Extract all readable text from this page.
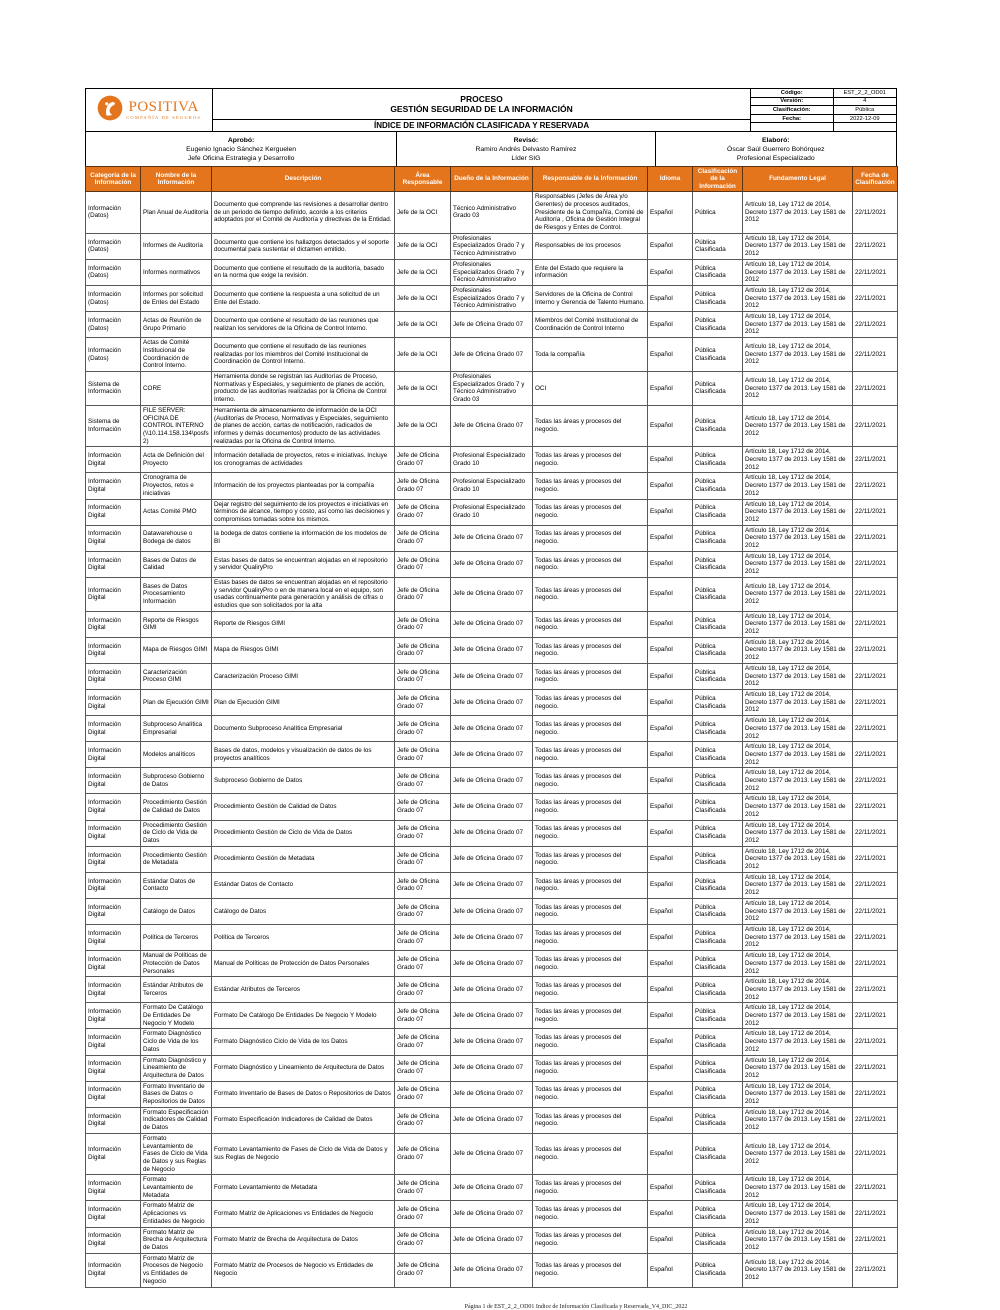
POSITIVA
COMPAÑÍA DE SEGUROS
PROCESO
GESTIÓN SEGURIDAD DE LA INFORMACIÓN
ÍNDICE DE INFORMACIÓN CLASIFICADA Y RESERVADA
Código:	EST_2_2_OD01
Versión:	4
Clasificación:	Pública
Fecha:	2022-12-09
Aprobó:
Eugenio Ignacio Sánchez Kerguelen
Jefe Oficina Estrategia y Desarrollo
Revisó:
Ramiro Andrés Delvasto Ramírez
Líder SIG
Elaboró:
Óscar Saúl Guerrero Bohórquez
Profesional Especializado
Categoría de la Información	Nombre de la Información	Descripción	Área Responsable	Dueño de la Información	Responsable de la Información	Idioma	Clasificación de la Información	Fundamento Legal	Fecha de Clasificación
Información (Datos)	Plan Anual de Auditoría	Documento que comprende las revisiones a desarrollar dentro de un periodo de tiempo definido, acorde a los criterios adoptados por el Comité de Auditoría y directivas de la Entidad.	Jefe de la OCI	Técnico Administrativo Grado 03	Responsables (Jefes de Área y/o Gerentes) de procesos auditados, Presidente de la Compañía, Comité de Auditoría , Oficina de Gestión Integral de Riesgos y Entes de Control.	Español	Pública	Artículo 18, Ley 1712 de 2014, Decreto 1377 de 2013. Ley 1581 de 2012	22/11/2021
Información (Datos)	Informes de Auditoría	Documento que contiene los hallazgos detectados y el soporte documental para sustentar el dictamen emitido.	Jefe de la OCI	Profesionales Especializados Grado 7 y Técnico Administrativo	Responsables de los procesos	Español	Pública Clasificada	Artículo 18, Ley 1712 de 2014, Decreto 1377 de 2013. Ley 1581 de 2012	22/11/2021
Información (Datos)	Informes normativos	Documento que contiene el resultado de la auditoría, basado en la norma que exige la revisión.	Jefe de la OCI	Profesionales Especializados Grado 7 y Técnico Administrativo	Ente del Estado que requiere la información	Español	Pública Clasificada	Artículo 18, Ley 1712 de 2014, Decreto 1377 de 2013. Ley 1581 de 2012	22/11/2021
Información (Datos)	Informes por solicitud de Entes del Estado	Documento que contiene la respuesta a una solicitud de un Ente del Estado.	Jefe de la OCI	Profesionales Especializados Grado 7 y Técnico Administrativo	Servidores de la Oficina de Control Interno y Gerencia de Talento Humano.	Español	Pública Clasificada	Artículo 18, Ley 1712 de 2014, Decreto 1377 de 2013. Ley 1581 de 2012	22/11/2021
Información (Datos)	Actas de Reunión de Grupo Primario	Documento que contiene el resultado de las reuniones que realizan los servidores de la Oficina de Control Interno.	Jefe de la OCI	Jefe de Oficina Grado 07	Miembros del Comité Institucional de Coordinación de Control Interno	Español	Pública Clasificada	Artículo 18, Ley 1712 de 2014, Decreto 1377 de 2013. Ley 1581 de 2012	22/11/2021
Información (Datos)	Actas de Comité Institucional de Coordinación de Control Interno.	Documento que contiene el resultado de las reuniones realizadas por los miembros del Comité Institucional de Coordinación de Control Interno.	Jefe de la OCI	Jefe de Oficina Grado 07	Toda la compañía	Español	Pública Clasificada	Artículo 18, Ley 1712 de 2014, Decreto 1377 de 2013. Ley 1581 de 2012	22/11/2021
Sistema de Información	CORE	Herramienta donde se registran las Auditorías de Proceso, Normativas y Especiales, y seguimiento de planes de acción, producto de las auditorías realizadas por la Oficina de Control Interno.	Jefe de la OCI	Profesionales Especializados Grado 7 y Técnico Administrativo Grado 03	OCI	Español	Pública Clasificada	Artículo 18, Ley 1712 de 2014, Decreto 1377 de 2013. Ley 1581 de 2012	22/11/2021
Sistema de Información	FILE SERVER: OFICINA DE CONTROL INTERNO (\\10.114.158.134\posfs2)	Herramienta de almacenamiento de información de la OCI (Auditorías de Proceso, Normativas y Especiales, seguimiento de planes de acción, cartas de notificación, radicados de informes y demás documentos) producto de las actividades realizadas por la Oficina de Control Interno.	Jefe de la OCI	Jefe de Oficina Grado 07	Todas las áreas y procesos del negocio.	Español	Pública Clasificada	Artículo 18, Ley 1712 de 2014, Decreto 1377 de 2013. Ley 1581 de 2012	22/11/2021
Información Digital	Acta de Definición del Proyecto	Información detallada de proyectos, retos e iniciativas. Incluye los cronogramas de actividades	Jefe de Oficina Grado 07	Profesional Especializado Grado 10	Todas las áreas y procesos del negocio.	Español	Pública Clasificada	Artículo 18, Ley 1712 de 2014, Decreto 1377 de 2013. Ley 1581 de 2012	22/11/2021
Información Digital	Cronograma de Proyectos, retos e iniciativas	Información de los proyectos planteadas por la compañía	Jefe de Oficina Grado 07	Profesional Especializado Grado 10	Todas las áreas y procesos del negocio.	Español	Pública Clasificada	Artículo 18, Ley 1712 de 2014, Decreto 1377 de 2013. Ley 1581 de 2012	22/11/2021
Información Digital	Actas Comité PMO	Dejar registro del seguimiento de los proyectos e iniciativas en términos de alcance, tiempo y costo, así como las decisiones y compromisos tomadas sobre los mismos.	Jefe de Oficina Grado 07	Profesional Especializado Grado 10	Todas las áreas y procesos del negocio.	Español	Pública Clasificada	Artículo 18, Ley 1712 de 2014, Decreto 1377 de 2013. Ley 1581 de 2012	22/11/2021
Información Digital	Datawarehouse o Bodega de datos	la bodega de datos contiene la información de los modelos de BI	Jefe de Oficina Grado 07	Jefe de Oficina Grado 07	Todas las áreas y procesos del negocio.	Español	Pública Clasificada	Artículo 18, Ley 1712 de 2014, Decreto 1377 de 2013. Ley 1581 de 2012	22/11/2021
Información Digital	Bases de Datos de Calidad	Estas bases de datos se encuentran alojadas en el repositorio y servidor QualiryPro	Jefe de Oficina Grado 07	Jefe de Oficina Grado 07	Todas las áreas y procesos del negocio.	Español	Pública Clasificada	Artículo 18, Ley 1712 de 2014, Decreto 1377 de 2013. Ley 1581 de 2012	22/11/2021
Información Digital	Bases de Datos Procesamiento Información	Estas bases de datos se encuentran alojadas en el repositorio y servidor QualiryPro o en de manera local en el equipo, son usadas continuamente para generación y análisis de cifras o estudios que son solicitados por la alta	Jefe de Oficina Grado 07	Jefe de Oficina Grado 07	Todas las áreas y procesos del negocio.	Español	Pública Clasificada	Artículo 18, Ley 1712 de 2014, Decreto 1377 de 2013. Ley 1581 de 2012	22/11/2021
Información Digital	Reporte de Riesgos GIMI	Reporte de Riesgos GIMI	Jefe de Oficina Grado 07	Jefe de Oficina Grado 07	Todas las áreas y procesos del negocio.	Español	Pública Clasificada	Artículo 18, Ley 1712 de 2014, Decreto 1377 de 2013. Ley 1581 de 2012	22/11/2021
Información Digital	Mapa de Riesgos GIMI	Mapa de Riesgos GIMI	Jefe de Oficina Grado 07	Jefe de Oficina Grado 07	Todas las áreas y procesos del negocio.	Español	Pública Clasificada	Artículo 18, Ley 1712 de 2014, Decreto 1377 de 2013. Ley 1581 de 2012	22/11/2021
Información Digital	Caracterización Proceso GIMI	Caracterización Proceso GIMI	Jefe de Oficina Grado 07	Jefe de Oficina Grado 07	Todas las áreas y procesos del negocio.	Español	Pública Clasificada	Artículo 18, Ley 1712 de 2014, Decreto 1377 de 2013. Ley 1581 de 2012	22/11/2021
Información Digital	Plan de Ejecución GIMI	Plan de Ejecución GIMI	Jefe de Oficina Grado 07	Jefe de Oficina Grado 07	Todas las áreas y procesos del negocio.	Español	Pública Clasificada	Artículo 18, Ley 1712 de 2014, Decreto 1377 de 2013. Ley 1581 de 2012	22/11/2021
Información Digital	Subproceso Analítica Empresarial	Documento Subproceso Analítica Empresarial	Jefe de Oficina Grado 07	Jefe de Oficina Grado 07	Todas las áreas y procesos del negocio.	Español	Pública Clasificada	Artículo 18, Ley 1712 de 2014, Decreto 1377 de 2013. Ley 1581 de 2012	22/11/2021
Información Digital	Modelos analíticos	Bases de datos, modelos y visualización de datos de los proyectos analíticos	Jefe de Oficina Grado 07	Jefe de Oficina Grado 07	Todas las áreas y procesos del negocio.	Español	Pública Clasificada	Artículo 18, Ley 1712 de 2014, Decreto 1377 de 2013. Ley 1581 de 2012	22/11/2021
Información Digital	Subproceso Gobierno de Datos	Subproceso Gobierno de Datos	Jefe de Oficina Grado 07	Jefe de Oficina Grado 07	Todas las áreas y procesos del negocio.	Español	Pública Clasificada	Artículo 18, Ley 1712 de 2014, Decreto 1377 de 2013. Ley 1581 de 2012	22/11/2021
Información Digital	Procedimiento Gestión de Calidad de Datos	Procedimiento Gestión de Calidad de Datos	Jefe de Oficina Grado 07	Jefe de Oficina Grado 07	Todas las áreas y procesos del negocio.	Español	Pública Clasificada	Artículo 18, Ley 1712 de 2014, Decreto 1377 de 2013. Ley 1581 de 2012	22/11/2021
Información Digital	Procedimiento Gestión de Ciclo de Vida de Datos	Procedimiento Gestión de Ciclo de Vida de Datos	Jefe de Oficina Grado 07	Jefe de Oficina Grado 07	Todas las áreas y procesos del negocio.	Español	Pública Clasificada	Artículo 18, Ley 1712 de 2014, Decreto 1377 de 2013. Ley 1581 de 2012	22/11/2021
Información Digital	Procedimiento Gestión de Metadata	Procedimiento Gestión de Metadata	Jefe de Oficina Grado 07	Jefe de Oficina Grado 07	Todas las áreas y procesos del negocio.	Español	Pública Clasificada	Artículo 18, Ley 1712 de 2014, Decreto 1377 de 2013. Ley 1581 de 2012	22/11/2021
Información Digital	Estándar Datos de Contacto	Estándar Datos de Contacto	Jefe de Oficina Grado 07	Jefe de Oficina Grado 07	Todas las áreas y procesos del negocio.	Español	Pública Clasificada	Artículo 18, Ley 1712 de 2014, Decreto 1377 de 2013. Ley 1581 de 2012	22/11/2021
Información Digital	Catálogo de Datos	Catálogo de Datos	Jefe de Oficina Grado 07	Jefe de Oficina Grado 07	Todas las áreas y procesos del negocio.	Español	Pública Clasificada	Artículo 18, Ley 1712 de 2014, Decreto 1377 de 2013. Ley 1581 de 2012	22/11/2021
Información Digital	Política de Terceros	Política de Terceros	Jefe de Oficina Grado 07	Jefe de Oficina Grado 07	Todas las áreas y procesos del negocio.	Español	Pública Clasificada	Artículo 18, Ley 1712 de 2014, Decreto 1377 de 2013. Ley 1581 de 2012	22/11/2021
Información Digital	Manual de Políticas de Protección de Datos Personales	Manual de Políticas de Protección de Datos Personales	Jefe de Oficina Grado 07	Jefe de Oficina Grado 07	Todas las áreas y procesos del negocio.	Español	Pública Clasificada	Artículo 18, Ley 1712 de 2014, Decreto 1377 de 2013. Ley 1581 de 2012	22/11/2021
Información Digital	Estándar Atributos de Terceros	Estándar Atributos de Terceros	Jefe de Oficina Grado 07	Jefe de Oficina Grado 07	Todas las áreas y procesos del negocio.	Español	Pública Clasificada	Artículo 18, Ley 1712 de 2014, Decreto 1377 de 2013. Ley 1581 de 2012	22/11/2021
Información Digital	Formato De Catálogo De Entidades De Negocio Y Modelo	Formato De Catálogo De Entidades De Negocio Y Modelo	Jefe de Oficina Grado 07	Jefe de Oficina Grado 07	Todas las áreas y procesos del negocio.	Español	Pública Clasificada	Artículo 18, Ley 1712 de 2014, Decreto 1377 de 2013. Ley 1581 de 2012	22/11/2021
Información Digital	Formato Diagnóstico Ciclo de Vida de los Datos	Formato Diagnóstico Ciclo de Vida de los Datos	Jefe de Oficina Grado 07	Jefe de Oficina Grado 07	Todas las áreas y procesos del negocio.	Español	Pública Clasificada	Artículo 18, Ley 1712 de 2014, Decreto 1377 de 2013. Ley 1581 de 2012	22/11/2021
Información Digital	Formato Diagnóstico y Lineamiento de Arquitectura de Datos	Formato Diagnóstico y Lineamiento de Arquitectura de Datos	Jefe de Oficina Grado 07	Jefe de Oficina Grado 07	Todas las áreas y procesos del negocio.	Español	Pública Clasificada	Artículo 18, Ley 1712 de 2014, Decreto 1377 de 2013. Ley 1581 de 2012	22/11/2021
Información Digital	Formato Inventario de Bases de Datos o Repositorios de Datos	Formato Inventario de Bases de Datos o Repositorios de Datos	Jefe de Oficina Grado 07	Jefe de Oficina Grado 07	Todas las áreas y procesos del negocio.	Español	Pública Clasificada	Artículo 18, Ley 1712 de 2014, Decreto 1377 de 2013. Ley 1581 de 2012	22/11/2021
Información Digital	Formato Especificación Indicadores de Calidad de Datos	Formato Especificación Indicadores de Calidad de Datos	Jefe de Oficina Grado 07	Jefe de Oficina Grado 07	Todas las áreas y procesos del negocio.	Español	Pública Clasificada	Artículo 18, Ley 1712 de 2014, Decreto 1377 de 2013. Ley 1581 de 2012	22/11/2021
Información Digital	Formato Levantamiento de Fases de Ciclo de Vida de Datos y sus Reglas de Negocio	Formato Levantamiento de Fases de Ciclo de Vida de Datos y sus Reglas de Negocio	Jefe de Oficina Grado 07	Jefe de Oficina Grado 07	Todas las áreas y procesos del negocio.	Español	Pública Clasificada	Artículo 18, Ley 1712 de 2014, Decreto 1377 de 2013. Ley 1581 de 2012	22/11/2021
Información Digital	Formato Levantamiento de Metadata	Formato Levantamiento de Metadata	Jefe de Oficina Grado 07	Jefe de Oficina Grado 07	Todas las áreas y procesos del negocio.	Español	Pública Clasificada	Artículo 18, Ley 1712 de 2014, Decreto 1377 de 2013. Ley 1581 de 2012	22/11/2021
Información Digital	Formato Matriz de Aplicaciones vs Entidades de Negocio	Formato Matriz de Aplicaciones vs Entidades de Negocio	Jefe de Oficina Grado 07	Jefe de Oficina Grado 07	Todas las áreas y procesos del negocio.	Español	Pública Clasificada	Artículo 18, Ley 1712 de 2014, Decreto 1377 de 2013. Ley 1581 de 2012	22/11/2021
Información Digital	Formato Matriz de Brecha de Arquitectura de Datos	Formato Matriz de Brecha de Arquitectura de Datos	Jefe de Oficina Grado 07	Jefe de Oficina Grado 07	Todas las áreas y procesos del negocio.	Español	Pública Clasificada	Artículo 18, Ley 1712 de 2014, Decreto 1377 de 2013. Ley 1581 de 2012	22/11/2021
Información Digital	Formato Matriz de Procesos de Negocio vs Entidades de Negocio	Formato Matriz de Procesos de Negocio vs Entidades de Negocio	Jefe de Oficina Grado 07	Jefe de Oficina Grado 07	Todas las áreas y procesos del negocio.	Español	Pública Clasificada	Artículo 18, Ley 1712 de 2014, Decreto 1377 de 2013. Ley 1581 de 2012	22/11/2021
Página 1 de EST_2_2_OD01 Indice de Información Clasificada y Reservada_V4_DIC_2022
